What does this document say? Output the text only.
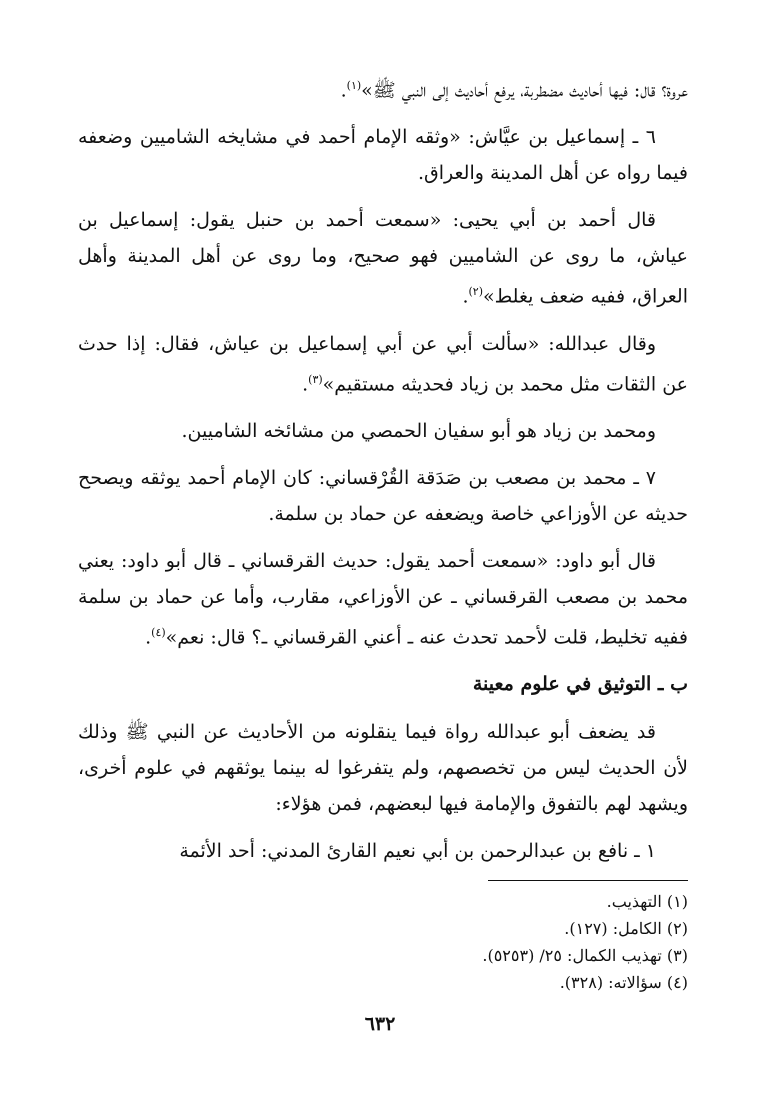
عروة؟ قال: فيها أحاديث مضطربة، يرفع أحاديث إلى النبي ﷺ»$^{(١)}$.

٦ ـ إسماعيل بن عيَّاش: «وثقه الإمام أحمد في مشايخه الشاميين وضعفه فيما رواه عن أهل المدينة والعراق.

قال أحمد بن أبي يحيى: «سمعت أحمد بن حنبل يقول: إسماعيل بن عياش، ما روى عن الشاميين فهو صحيح، وما روى عن أهل المدينة وأهل العراق، ففيه ضعف يغلط»$^{(٢)}$.

وقال عبدالله: «سألت أبي عن أبي إسماعيل بن عياش، فقال: إذا حدث عن الثقات مثل محمد بن زياد فحديثه مستقيم»$^{(٣)}$.

ومحمد بن زياد هو أبو سفيان الحمصي من مشائخه الشاميين.

٧ ـ محمد بن مصعب بن صَدَقة القُرْقساني: كان الإمام أحمد يوثقه ويصحح حديثه عن الأوزاعي خاصة ويضعفه عن حماد بن سلمة.

قال أبو داود: «سمعت أحمد يقول: حديث القرقساني ـ قال أبو داود: يعني محمد بن مصعب القرقساني ـ عن الأوزاعي، مقارب، وأما عن حماد بن سلمة ففيه تخليط، قلت لأحمد تحدث عنه ـ أعني القرقساني ـ؟ قال: نعم»$^{(٤)}$.

ب ـ التوثيق في علوم معينة

قد يضعف أبو عبدالله رواة فيما ينقلونه من الأحاديث عن النبي ﷺ وذلك لأن الحديث ليس من تخصصهم، ولم يتفرغوا له بينما يوثقهم في علوم أخرى، ويشهد لهم بالتفوق والإمامة فيها لبعضهم، فمن هؤلاء:

١ ـ نافع بن عبدالرحمن بن أبي نعيم القارئ المدني: أحد الأئمة

(١) التهذيب.

(٢) الكامل: (١٢٧).

(٣) تهذيب الكمال: ٢٥/ (٥٢٥٣).

(٤) سؤالاته: (٣٢٨).

٦٣٢
